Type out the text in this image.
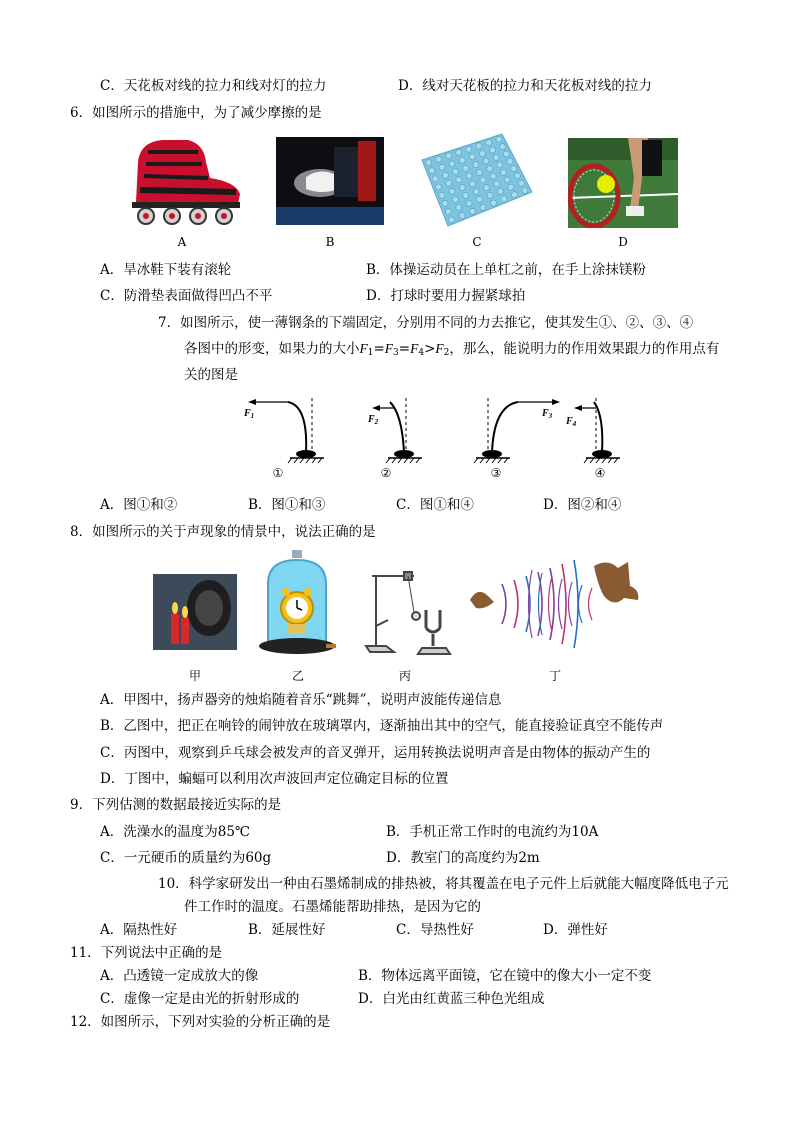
C．天花板对线的拉力和线对灯的拉力	D．线对天花板的拉力和天花板对线的拉力
6．如图所示的措施中，为了减少摩擦的是
A	B	C	D
A．旱冰鞋下装有滚轮	B．体操运动员在上单杠之前，在手上涂抹镁粉
C．防滑垫表面做得凹凸不平	D．打球时要用力握紧球拍
7．如图所示，使一薄钢条的下端固定，分别用不同的力去推它，使其发生①、②、③、④
各图中的形变，如果力的大小$F_1=F_3=F_4>F_2$，那么，能说明力的作用效果跟力的作用点有
关的图是
$F_1$	$F_2$
$F_3$ $F_4$
①	②	③	④
A．图①和②	B．图①和③	C．图①和④	D．图②和④
8．如图所示的关于声现象的情景中，说法正确的是
甲	乙	丙	丁
A．甲图中，扬声器旁的烛焰随着音乐“跳舞”，说明声波能传递信息
B．乙图中，把正在响铃的闹钟放在玻璃罩内，逐渐抽出其中的空气，能直接验证真空不能传声
C．丙图中，观察到乒乓球会被发声的音叉弹开，运用转换法说明声音是由物体的振动产生的
D．丁图中，蝙蝠可以利用次声波回声定位确定目标的位置
9．下列估测的数据最接近实际的是
A．洗澡水的温度为85℃	B．手机正常工作时的电流约为10A
C．一元硬币的质量约为60g	D．教室门的高度约为2m
10．科学家研发出一种由石墨烯制成的排热被，将其覆盖在电子元件上后就能大幅度降低电子元
件工作时的温度。石墨烯能帮助排热，是因为它的
A．隔热性好	B．延展性好	C．导热性好	D．弹性好
11．下列说法中正确的是
A．凸透镜一定成放大的像	B．物体远离平面镜，它在镜中的像大小一定不变
C．虚像一定是由光的折射形成的	D．白光由红黄蓝三种色光组成
12．如图所示，下列对实验的分析正确的是
